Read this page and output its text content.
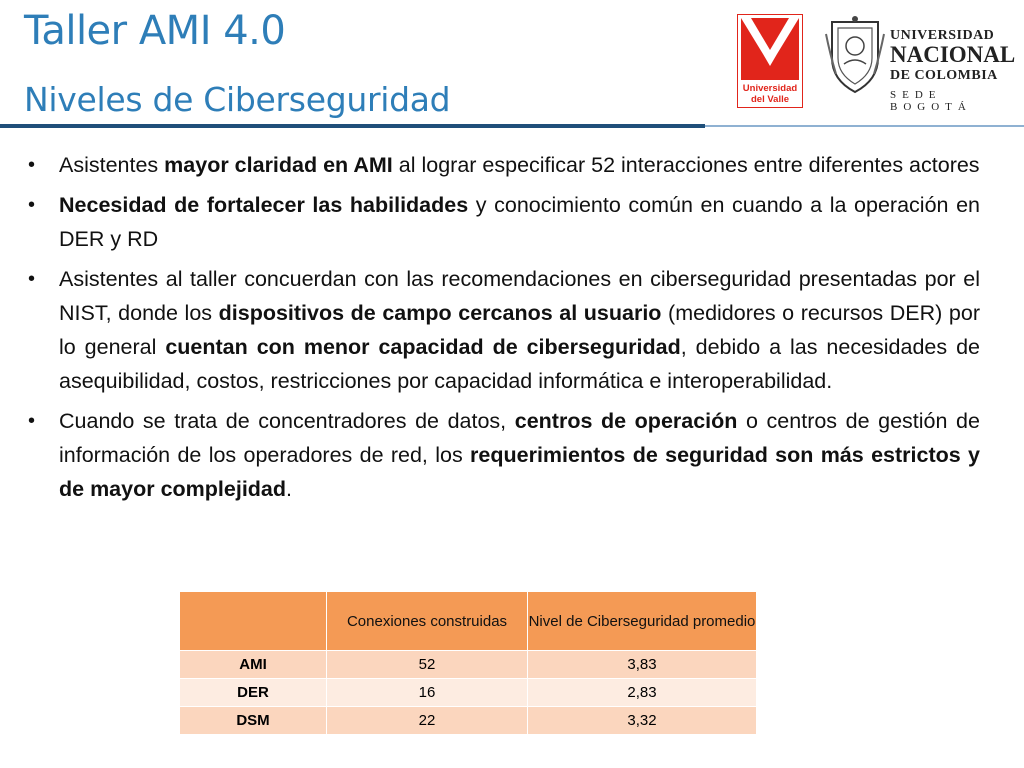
Taller AMI 4.0
Niveles de Ciberseguridad	Universidad
del Valle
UNIVERSIDAD
NACIONAL
DE COLOMBIA
SEDE BOGOTÁ
• Asistentes mayor claridad en AMI al lograr especificar 52 interacciones entre diferentes actores
• Necesidad de fortalecer las habilidades y conocimiento común en cuando a la operación en DER y RD
• Asistentes al taller concuerdan con las recomendaciones en ciberseguridad presentadas por el NIST, donde los dispositivos de campo cercanos al usuario (medidores o recursos DER) por lo general cuentan con menor capacidad de ciberseguridad, debido a las necesidades de asequibilidad, costos, restricciones por capacidad informática e interoperabilidad.
• Cuando se trata de concentradores de datos, centros de operación o centros de gestión de información de los operadores de red, los requerimientos de seguridad son más estrictos y de mayor complejidad.
	Conexiones construidas	Nivel de Ciberseguridad promedio
AMI	52	3,83
DER	16	2,83
DSM	22	3,32
